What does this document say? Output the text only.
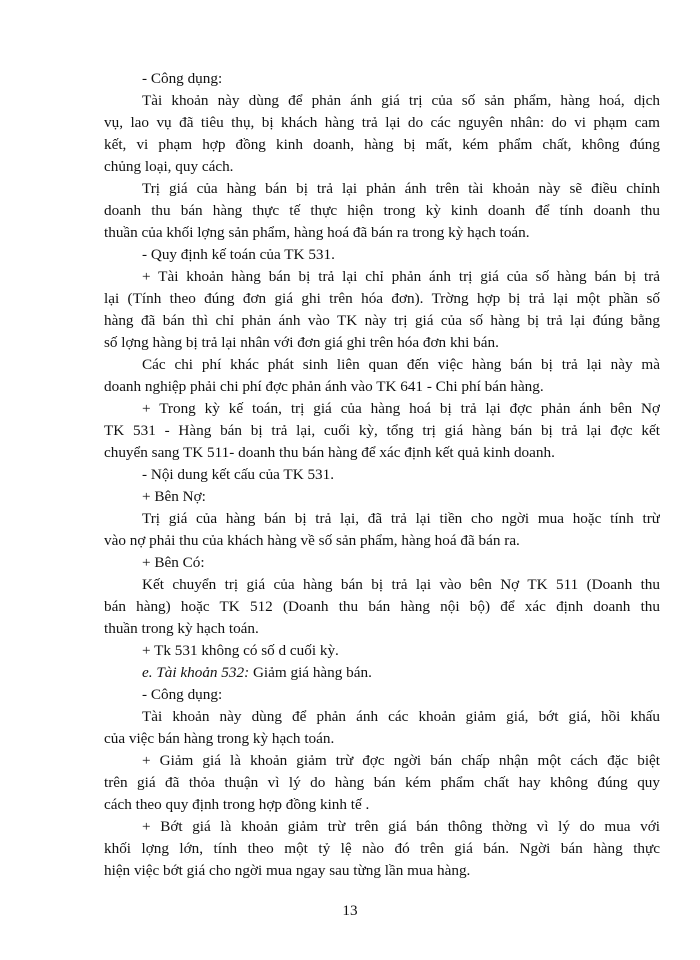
- Công dụng:
Tài khoản này dùng để phản ánh giá trị của số sản phẩm, hàng hoá, dịch
vụ, lao vụ đã tiêu thụ, bị khách hàng trả lại do các nguyên nhân: do vi phạm cam
kết, vi phạm hợp đồng kinh doanh, hàng bị mất, kém phẩm chất, không đúng
chủng loại, quy cách.
Trị giá của hàng bán bị trả lại phản ánh trên tài khoản này sẽ điều chỉnh
doanh thu bán hàng thực tế thực hiện trong kỳ kinh doanh để tính doanh thu
thuần của khối lợng sản phẩm, hàng hoá đã bán ra trong kỳ hạch toán.
- Quy định kế toán của TK 531.
+ Tài khoản hàng bán bị trả lại chỉ phản ánh trị giá của số hàng bán bị trả
lại (Tính theo đúng đơn giá ghi trên hóa đơn). Trờng hợp bị trả lại một phần số
hàng đã bán thì chỉ phản ánh vào TK này trị giá của số hàng bị trả lại đúng bằng
số lợng hàng bị trả lại nhân với đơn giá ghi trên hóa đơn khi bán.
Các chi phí khác phát sinh liên quan đến việc hàng bán bị trả lại này mà
doanh nghiệp phải chi phí đợc phản ánh vào TK 641 - Chi phí bán hàng.
+ Trong kỳ kế toán, trị giá của hàng hoá bị trả lại đợc phản ánh bên Nợ
TK 531 - Hàng bán bị trả lại, cuối kỳ, tổng trị giá hàng bán bị trả lại đợc kết
chuyển sang TK 511- doanh thu bán hàng để xác định kết quả kinh doanh.
- Nội dung kết cấu của TK 531.
+ Bên Nợ:
Trị giá của hàng bán bị trả lại, đã trả lại tiền cho ngời mua hoặc tính trừ
vào nợ phải thu của khách hàng về số sản phẩm, hàng hoá đã bán ra.
+ Bên Có:
Kết chuyển trị giá của hàng bán bị trả lại vào bên Nợ TK 511 (Doanh thu
bán hàng) hoặc TK 512 (Doanh thu bán hàng nội bộ) để xác định doanh thu
thuần trong kỳ hạch toán.
+ Tk 531 không có số d cuối kỳ.
e. Tài khoản 532: Giảm giá hàng bán.
- Công dụng:
Tài khoản này dùng để phản ánh các khoản giảm giá, bớt giá, hồi khấu
của việc bán hàng trong kỳ hạch toán.
+ Giảm giá là khoản giảm trừ đợc ngời bán chấp nhận một cách đặc biệt
trên giá đã thỏa thuận vì lý do hàng bán kém phẩm chất hay không đúng quy
cách theo quy định trong hợp đồng kinh tế .
+ Bớt giá là khoản giảm trừ trên giá bán thông thờng vì lý do mua với
khối lợng lớn, tính theo một tỷ lệ nào đó trên giá bán. Ngời bán hàng thực
hiện việc bớt giá cho ngời mua ngay sau từng lần mua hàng.
13
